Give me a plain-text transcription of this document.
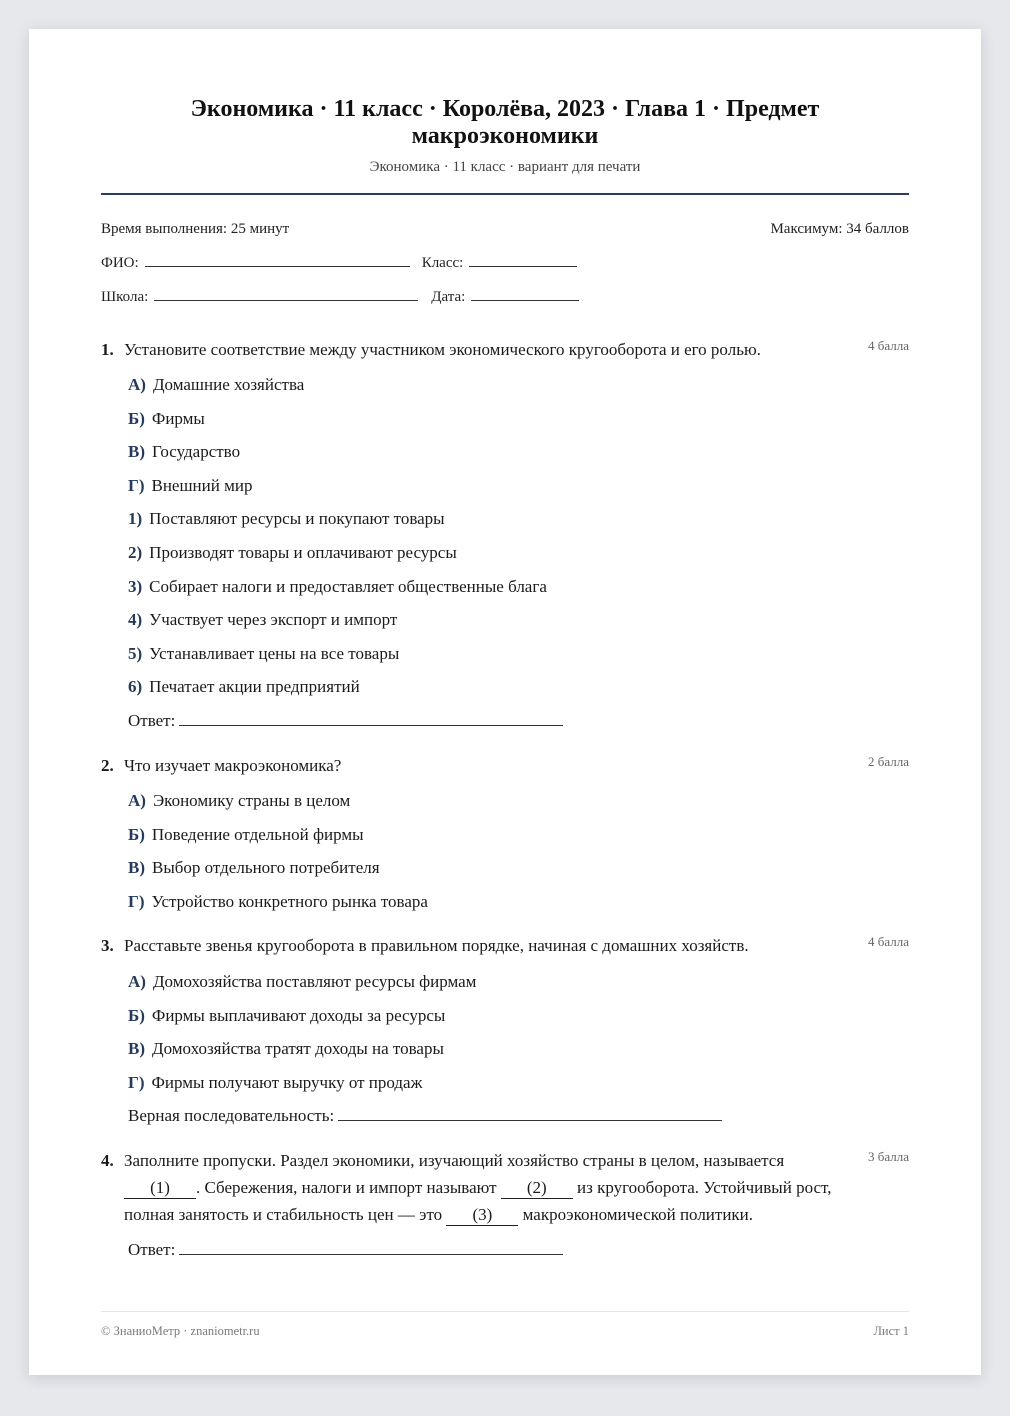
Экономика · 11 класс · Королёва, 2023 · Глава 1 · Предмет макроэкономики
Экономика · 11 класс · вариант для печати
Время выполнения: 25 минут	Максимум: 34 баллов
ФИО:	Класс:
Школа:	Дата:
1. Установите соответствие между участником экономического кругооборота и его ролью.	4 балла
А) Домашние хозяйства
Б) Фирмы
В) Государство
Г) Внешний мир
1) Поставляют ресурсы и покупают товары
2) Производят товары и оплачивают ресурсы
3) Собирает налоги и предоставляет общественные блага
4) Участвует через экспорт и импорт
5) Устанавливает цены на все товары
6) Печатает акции предприятий
Ответ:
2. Что изучает макроэкономика?	2 балла
А) Экономику страны в целом
Б) Поведение отдельной фирмы
В) Выбор отдельного потребителя
Г) Устройство конкретного рынка товара
3. Расставьте звенья кругооборота в правильном порядке, начиная с домашних хозяйств.	4 балла
А) Домохозяйства поставляют ресурсы фирмам
Б) Фирмы выплачивают доходы за ресурсы
В) Домохозяйства тратят доходы на товары
Г) Фирмы получают выручку от продаж
Верная последовательность:
4. Заполните пропуски. Раздел экономики, изучающий хозяйство страны в целом, называется
(1) . Сбережения, налоги и импорт называют (2) из кругооборота. Устойчивый рост, полная занятость и стабильность цен — это (3) макроэкономической политики.
3 балла
Ответ:
© ЗнаниоМетр · znaniometr.ru	Лист 1
